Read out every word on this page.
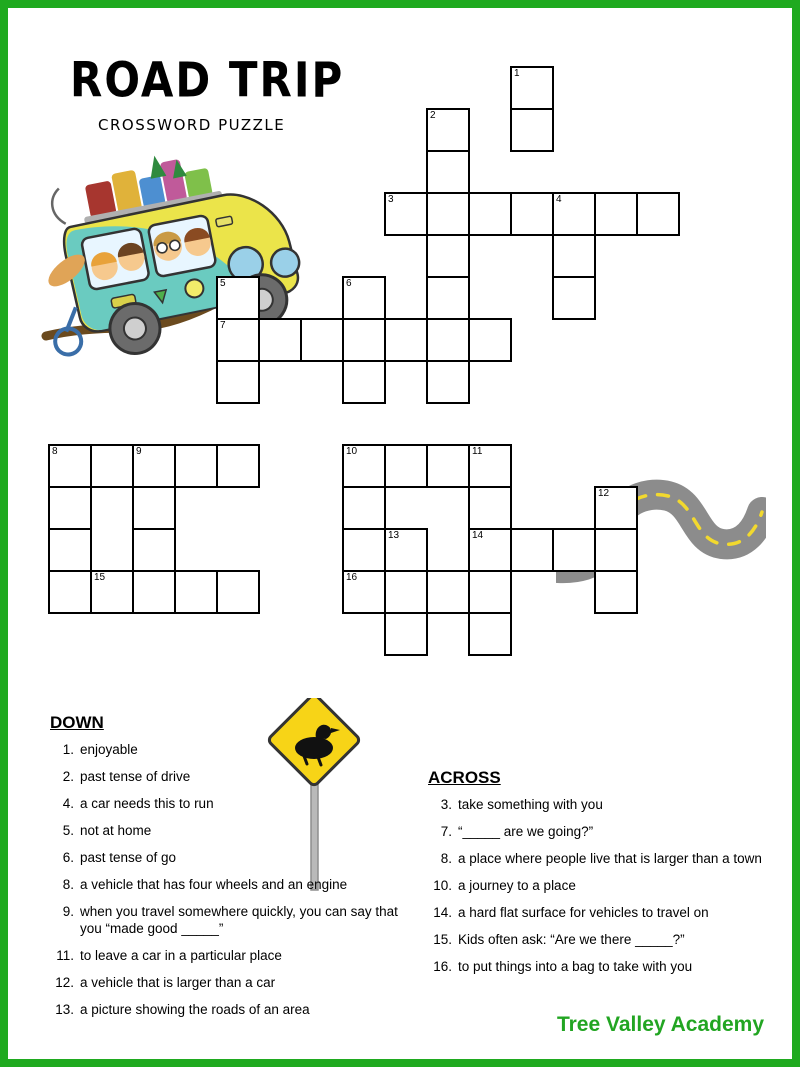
ROAD TRIP
CROSSWORD PUZZLE
1
2
3	4
5	6
7
8	9	10	11
12
13	14
15	16
DOWN
1. enjoyable
2. past tense of drive
4. a car needs this to run
5. not at home
6. past tense of go
8. a vehicle that has four wheels and an engine
9. when you travel somewhere quickly, you can say that you “made good _____”
11. to leave a car in a particular place
12. a vehicle that is larger than a car
13. a picture showing the roads of an area
ACROSS
3. take something with you
7. “_____ are we going?”
8. a place where people live that is larger than a town
10. a journey to a place
14. a hard flat surface for vehicles to travel on
15. Kids often ask: “Are we there _____?”
16. to put things into a bag to take with you
Tree Valley Academy
